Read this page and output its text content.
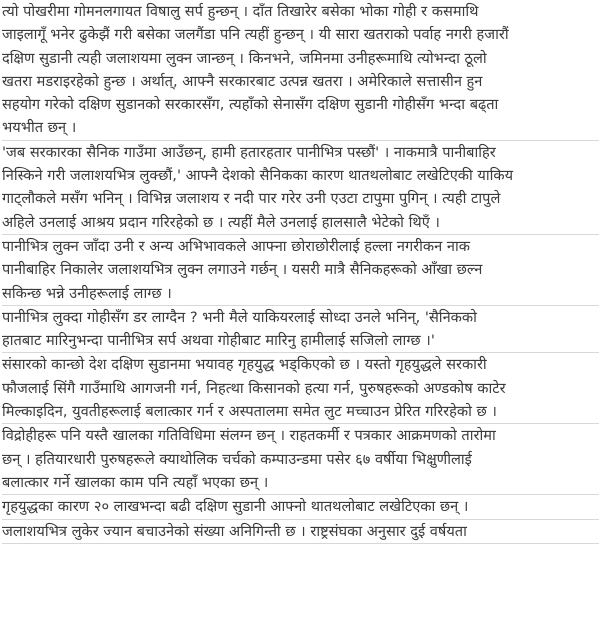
त्यो पोखरीमा गोमनलगायत विषालु सर्प हुन्छन् । दाँत तिखारेर बसेका भोका गोही र कसमाथि
जाइलागूँ भनेर ढुकेझैं गरी बसेका जलगैंडा पनि त्यहीं हुन्छन् । यी सारा खतराको पर्वाह नगरी हजारौं
दक्षिण सुडानी त्यही जलाशयमा लुक्न जान्छन् । किनभने, जमिनमा उनीहरूमाथि त्योभन्दा ठूलो
खतरा मडराइरहेको हुन्छ । अर्थात्, आफ्नै सरकारबाट उत्पन्न खतरा । अमेरिकाले सत्तासीन हुन
सहयोग गरेको दक्षिण सुडानको सरकारसँग, त्यहाँको सेनासँग दक्षिण सुडानी गोहीसँग भन्दा बढ्ता
भयभीत छन् ।
'जब सरकारका सैनिक गाउँमा आउँछन्, हामी हतारहतार पानीभित्र पस्छौं' । नाकमात्रै पानीबाहिर
निस्किने गरी जलाशयभित्र लुक्छौं,' आफ्नै देशको सैनिकका कारण थातथलोबाट लखेटिएकी याकिय
गाट्लौकले मसँग भनिन् । विभिन्न जलाशय र नदी पार गरेर उनी एउटा टापुमा पुगिन् । त्यही टापुले
अहिले उनलाई आश्रय प्रदान गरिरहेको छ । त्यहीं मैले उनलाई हालसालै भेटेको थिएँ ।
पानीभित्र लुक्न जाँदा उनी र अन्य अभिभावकले आफ्ना छोराछोरीलाई हल्ला नगरीकन नाक
पानीबाहिर निकालेर जलाशयभित्र लुक्न लगाउने गर्छन् । यसरी मात्रै सैनिकहरूको आँखा छल्न
सकिन्छ भन्ने उनीहरूलाई लाग्छ ।
पानीभित्र लुक्दा गोहीसँग डर लाग्दैन ? भनी मैले याकियरलाई सोध्दा उनले भनिन्, 'सैनिकको
हातबाट मारिनुभन्दा पानीभित्र सर्प अथवा गोहीबाट मारिनु हामीलाई सजिलो लाग्छ ।'
संसारको कान्छो देश दक्षिण सुडानमा भयावह गृहयुद्ध भड्किएको छ । यस्तो गृहयुद्धले सरकारी
फौजलाई सिंगै गाउँमाथि आगजनी गर्न, निहत्था किसानको हत्या गर्न, पुरुषहरूको अण्डकोष काटेर
मिल्काइदिन, युवतीहरूलाई बलात्कार गर्न र अस्पतालमा समेत लुट मच्चाउन प्रेरित गरिरहेको छ ।
विद्रोहीहरू पनि यस्तै खालका गतिविधिमा संलग्न छन् । राहतकर्मी र पत्रकार आक्रमणको तारोमा
छन् । हतियारधारी पुरुषहरूले क्याथोलिक चर्चको कम्पाउन्डमा पसेर ६७ वर्षीया भिक्षुणीलाई
बलात्कार गर्ने खालका काम पनि त्यहाँ भएका छन् ।
गृहयुद्धका कारण २० लाखभन्दा बढी दक्षिण सुडानी आफ्नो थातथलोबाट लखेटिएका छन् ।
जलाशयभित्र लुकेर ज्यान बचाउनेको संख्या अनिगिन्ती छ । राष्ट्रसंघका अनुसार दुई वर्षयता
